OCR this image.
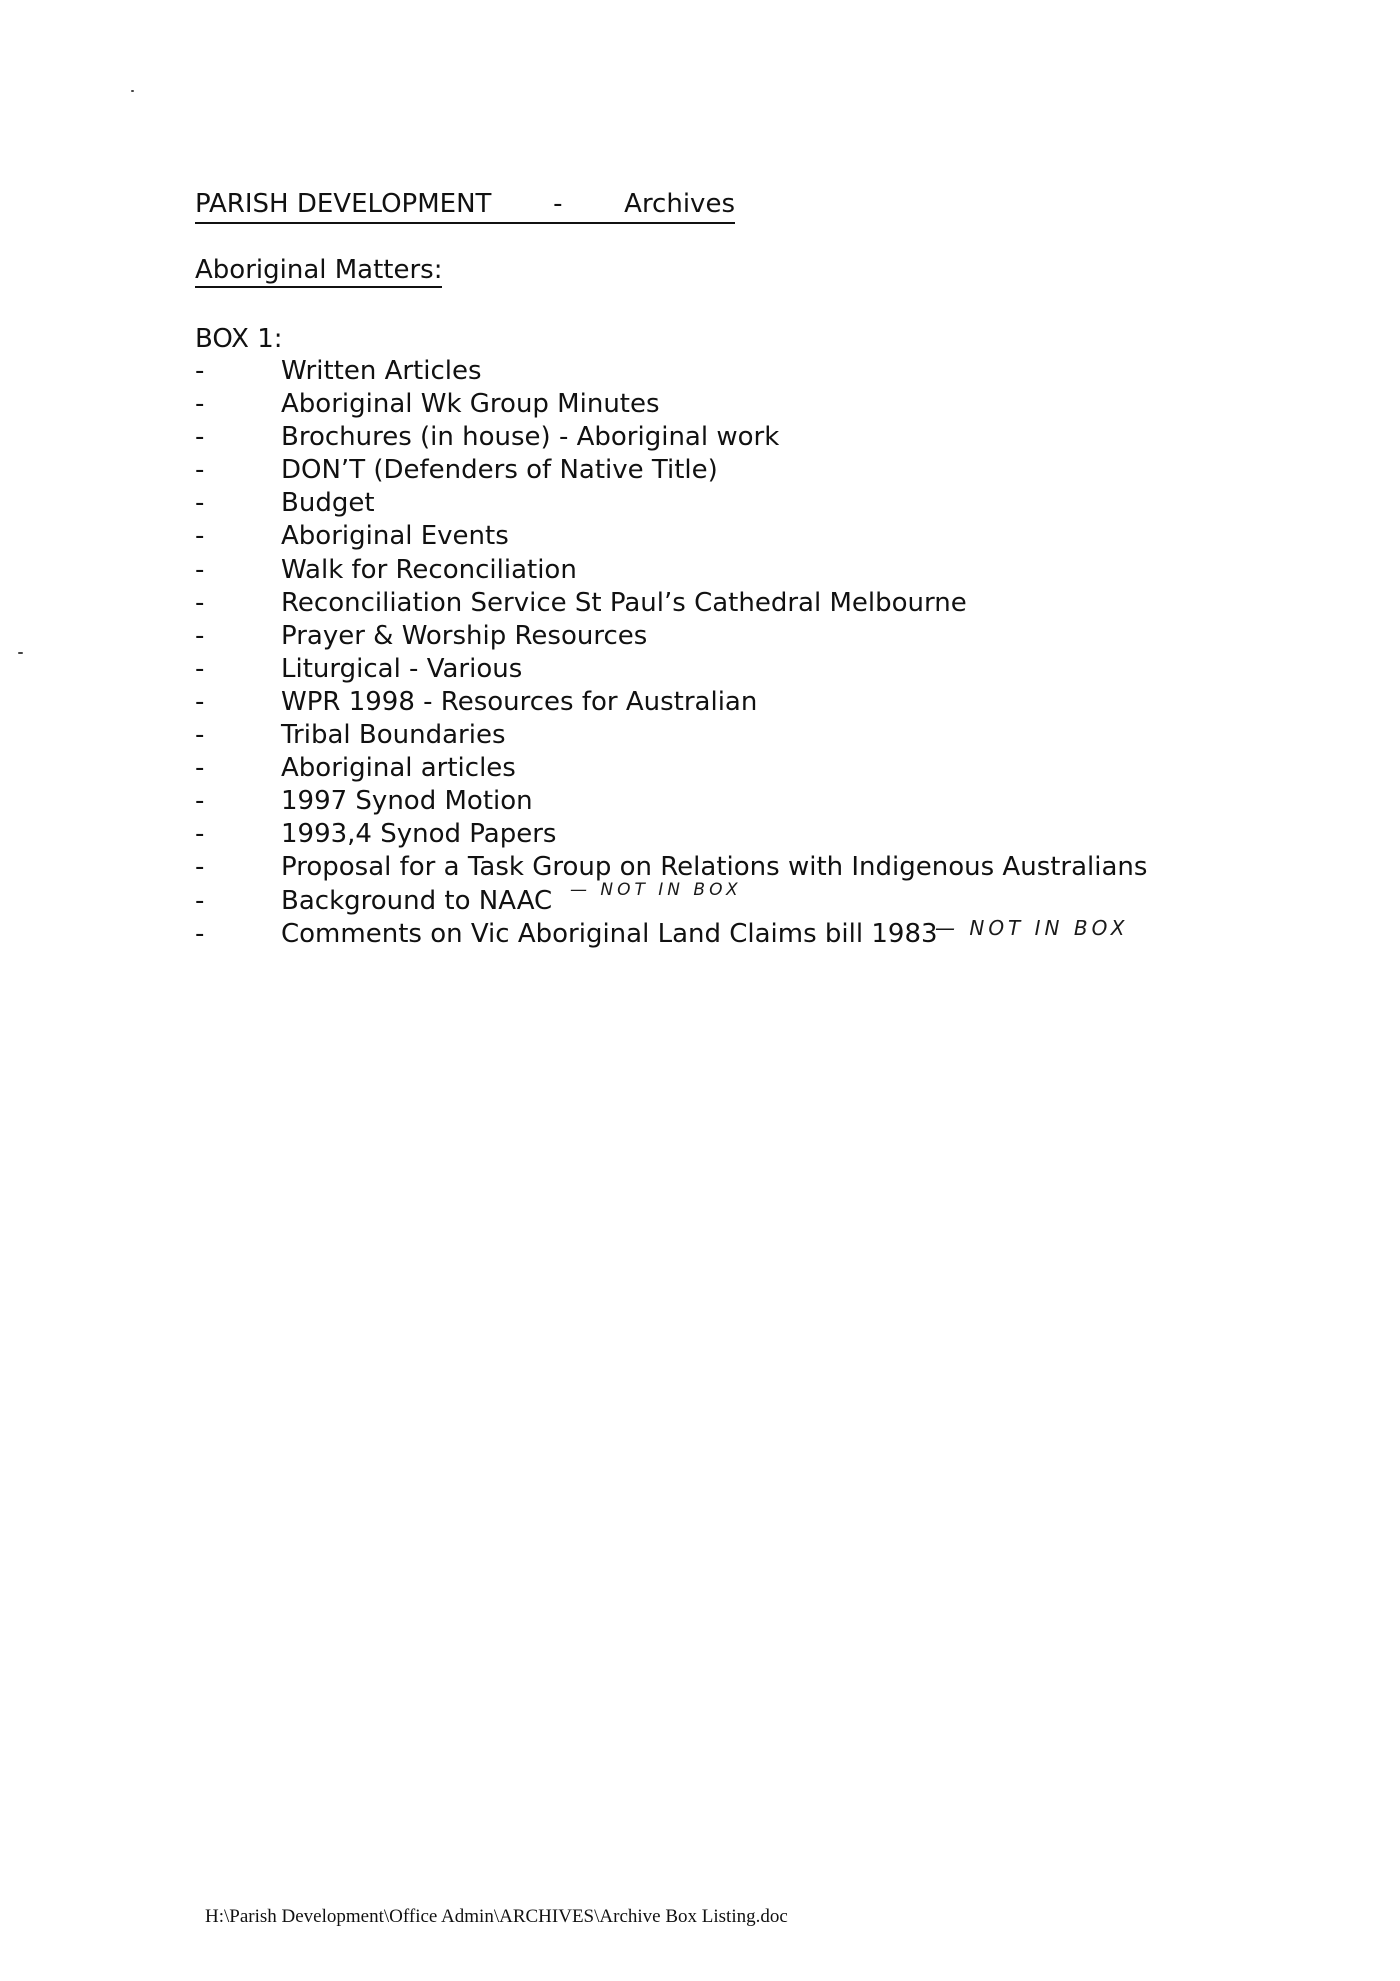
PARISH DEVELOPMENT - Archives
Aboriginal Matters:
BOX 1:
-	Written Articles
-	Aboriginal Wk Group Minutes
-	Brochures (in house) - Aboriginal work
-	DON’T (Defenders of Native Title)
-	Budget
-	Aboriginal Events
-	Walk for Reconciliation
-	Reconciliation Service St Paul’s Cathedral Melbourne
-	Prayer & Worship Resources
-	Liturgical - Various
-	WPR 1998 - Resources for Australian
-	Tribal Boundaries
-	Aboriginal articles
-	1997 Synod Motion
-	1993,4 Synod Papers
-	Proposal for a Task Group on Relations with Indigenous Australians
-	Background to NAAC
-	Comments on Vic Aboriginal Land Claims bill 1983
— NOT IN BOX
— NOT IN BOX
H:\Parish Development\Office Admin\ARCHIVES\Archive Box Listing.doc
